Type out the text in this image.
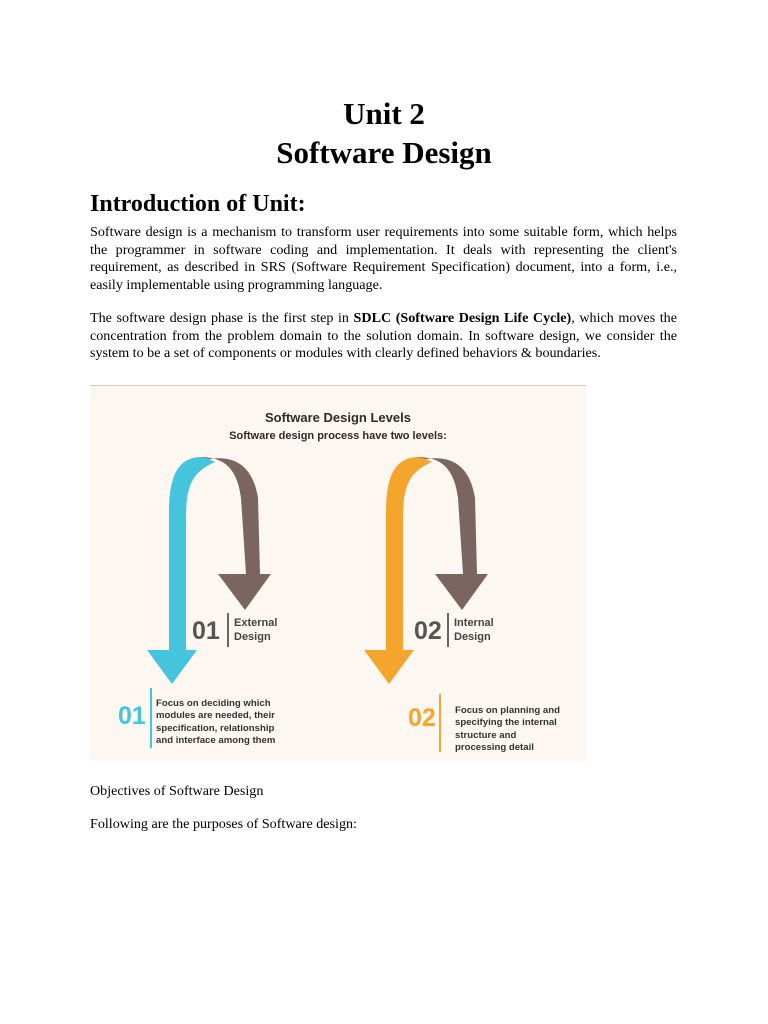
Unit 2
Software Design
Introduction of Unit:
Software design is a mechanism to transform user requirements into some suitable form, which helps the programmer in software coding and implementation. It deals with representing the client's requirement, as described in SRS (Software Requirement Specification) document, into a form, i.e., easily implementable using programming language.
The software design phase is the first step in SDLC (Software Design Life Cycle), which moves the concentration from the problem domain to the solution domain. In software design, we consider the system to be a set of components or modules with clearly defined behaviors & boundaries.
Software Design Levels
Software design process have two levels:
01 External
Design	02 Internal
Design
01 Focus on deciding which
modules are needed, their
specification, relationship
and interface among them
02 Focus on planning and
specifying the internal
structure and
processing detail
Objectives of Software Design
Following are the purposes of Software design:
